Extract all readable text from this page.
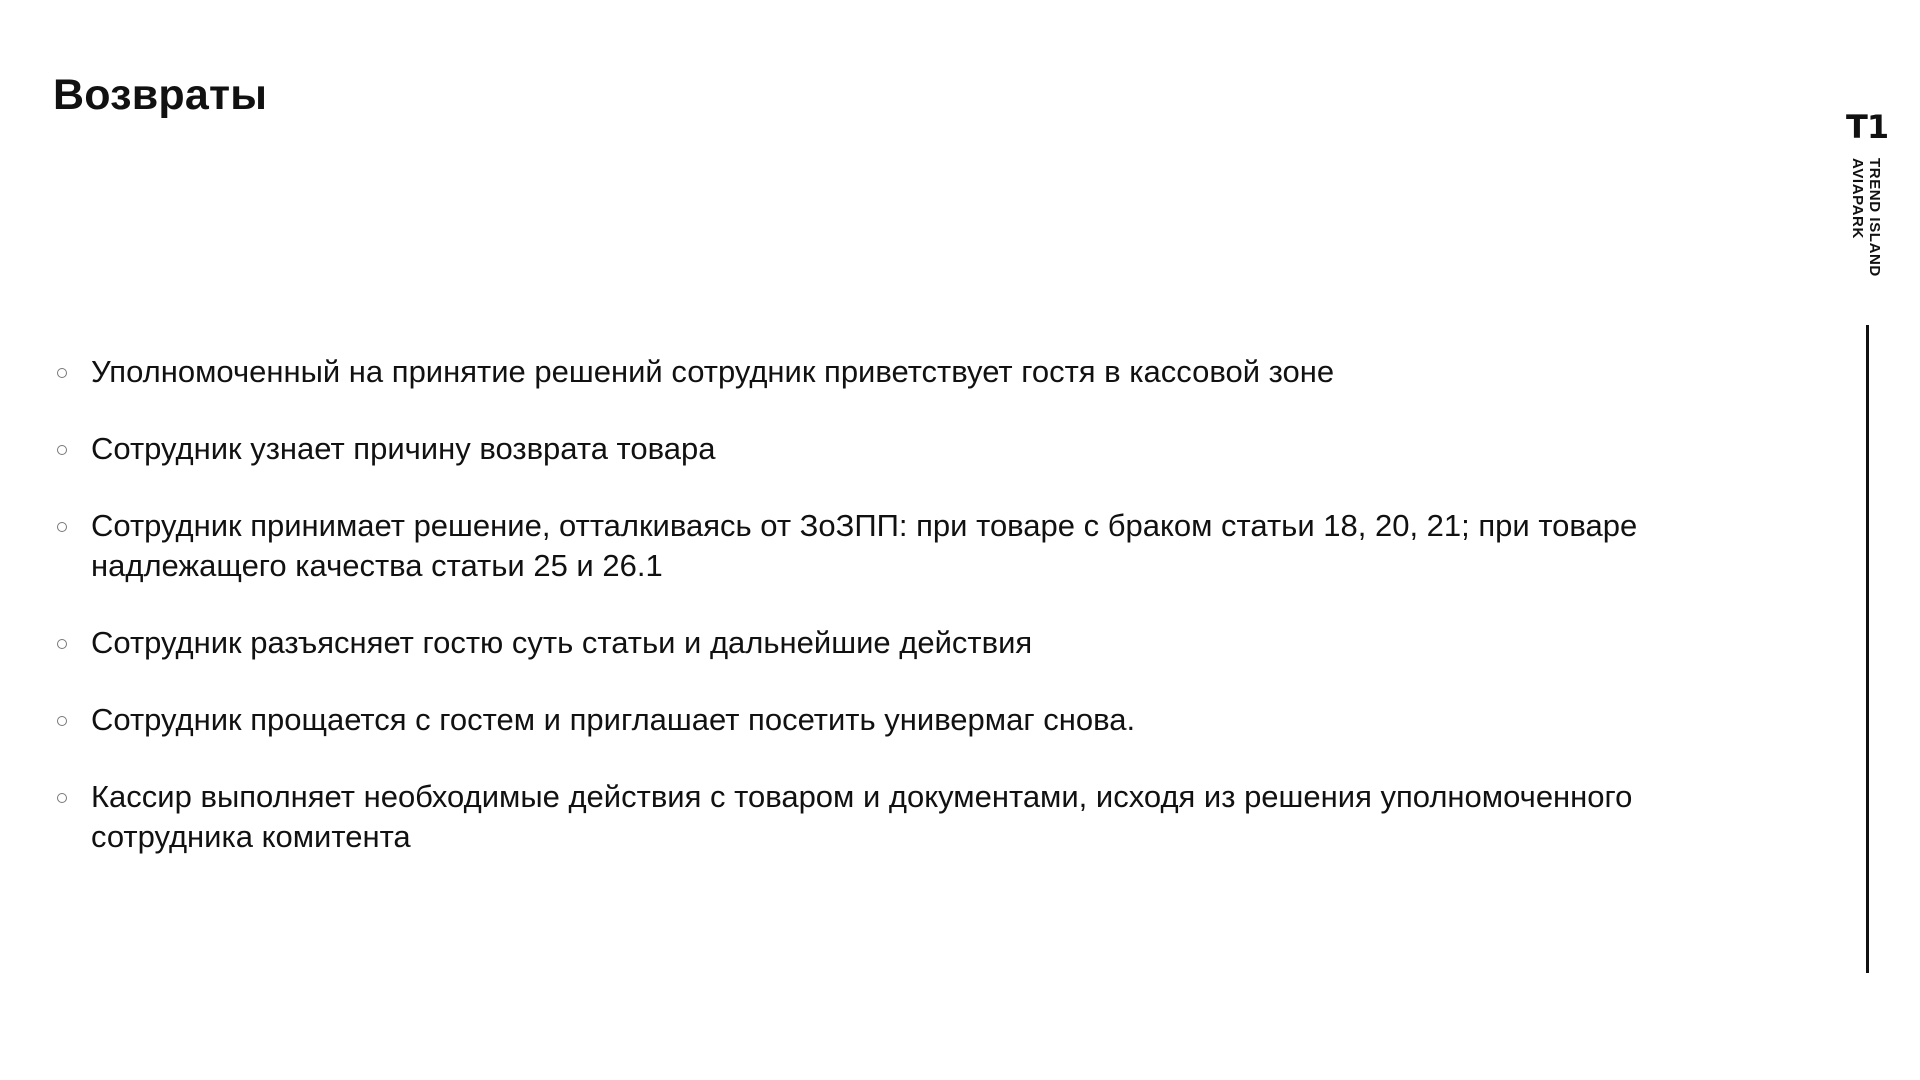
Возвраты
Уполномоченный на принятие решений сотрудник приветствует гостя в кассовой зоне
Сотрудник узнает причину возврата товара
Сотрудник принимает решение, отталкиваясь от ЗоЗПП: при товаре с браком статьи 18, 20, 21; при товаре надлежащего качества статьи 25 и 26.1
Сотрудник разъясняет гостю суть статьи и дальнейшие действия
Сотрудник прощается с гостем и приглашает посетить универмаг снова.
Кассир выполняет необходимые действия с товаром и документами, исходя из решения уполномоченного сотрудника комитента
T1
TREND ISLAND
AVIAPARK
